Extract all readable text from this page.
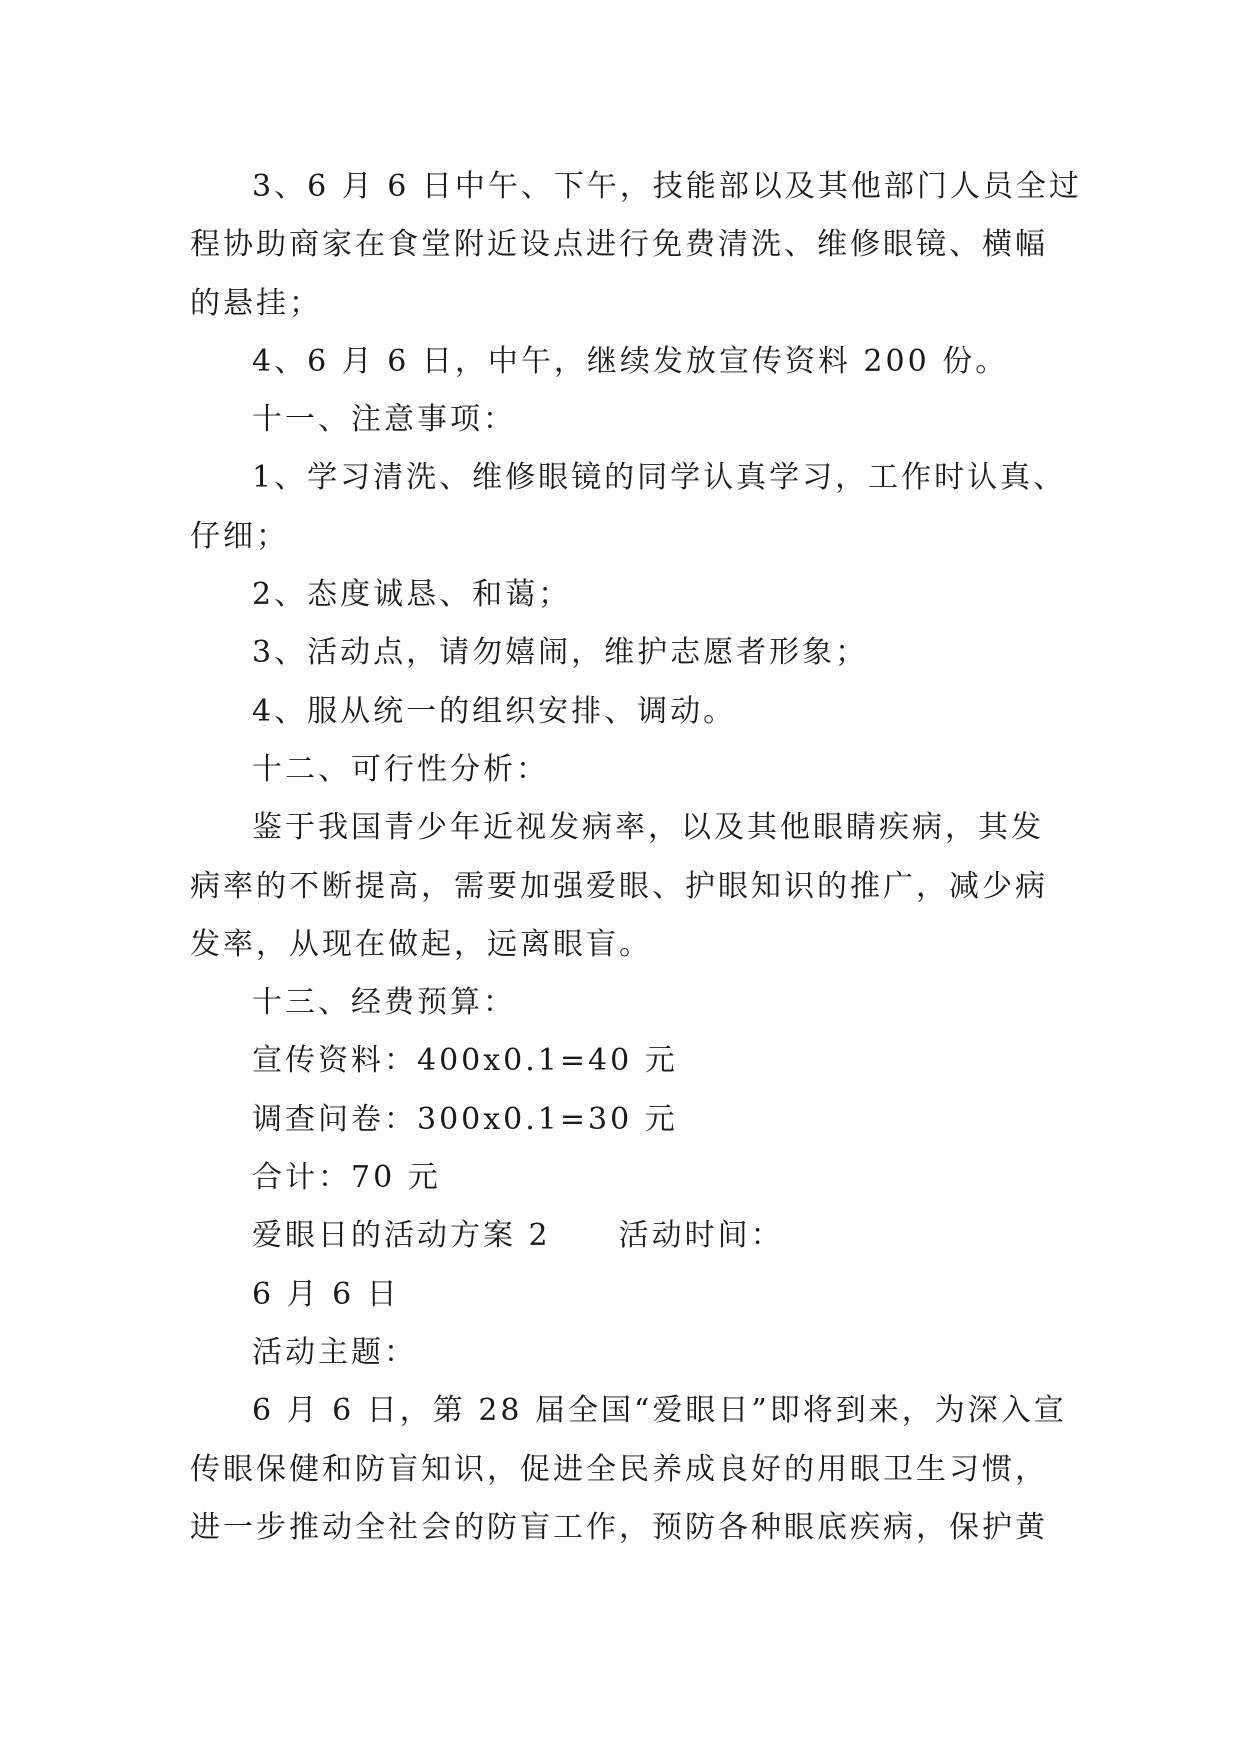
3、6 月 6 日中午、下午，技能部以及其他部门人员全过
程协助商家在食堂附近设点进行免费清洗、维修眼镜、横幅
的悬挂；
4、6 月 6 日，中午，继续发放宣传资料 200 份。
十一、注意事项：
1、学习清洗、维修眼镜的同学认真学习，工作时认真、
仔细；
2、态度诚恳、和蔼；
3、活动点，请勿嬉闹，维护志愿者形象；
4、服从统一的组织安排、调动。
十二、可行性分析：
鉴于我国青少年近视发病率，以及其他眼睛疾病，其发
病率的不断提高，需要加强爱眼、护眼知识的推广，减少病
发率，从现在做起，远离眼盲。
十三、经费预算：
宣传资料：400x0.1=40 元
调查问卷：300x0.1=30 元
合计：70 元
爱眼日的活动方案 2 活动时间：
6 月 6 日
活动主题：
6 月 6 日，第 28 届全国“爱眼日”即将到来，为深入宣
传眼保健和防盲知识，促进全民养成良好的用眼卫生习惯，
进一步推动全社会的防盲工作，预防各种眼底疾病，保护黄
